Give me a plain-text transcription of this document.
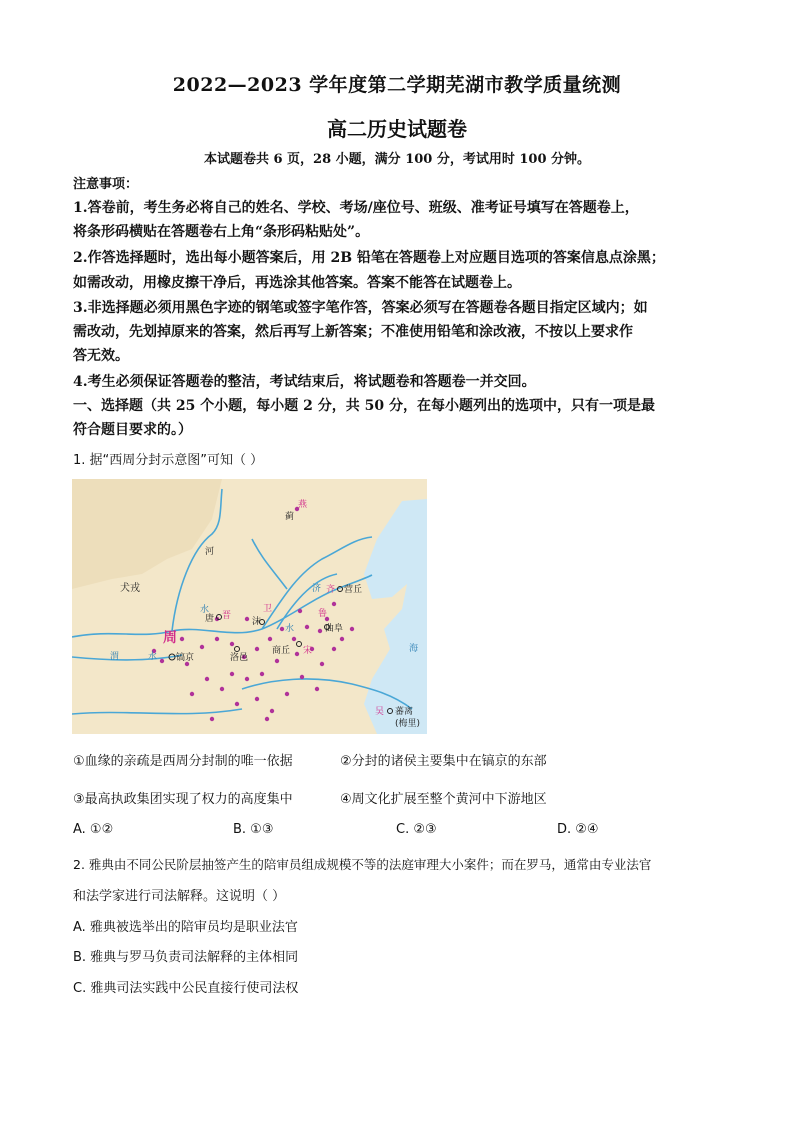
2022—2023 学年度第二学期芜湖市教学质量统测
高二历史试题卷
本试题卷共 6 页，28 小题，满分 100 分，考试用时 100 分钟。
注意事项：
1.答卷前，考生务必将自己的姓名、学校、考场/座位号、班级、准考证号填写在答题卷上，
将条形码横贴在答题卷右上角“条形码粘贴处”。
2.作答选择题时，选出每小题答案后，用 2B 铅笔在答题卷上对应题目选项的答案信息点涂黑；
如需改动，用橡皮擦干净后，再选涂其他答案。答案不能答在试题卷上。
3.非选择题必须用黑色字迹的钢笔或签字笔作答，答案必须写在答题卷各题目指定区域内；如
需改动，先划掉原来的答案，然后再写上新答案；不准使用铅笔和涂改液，不按以上要求作
答无效。
4.考生必须保证答题卷的整洁，考试结束后，将试题卷和答题卷一并交回。
一、选择题（共 25 个小题，每小题 2 分，共 50 分，在每小题列出的选项中，只有一项是最
符合题目要求的。）
1. 据“西周分封示意图”可知（ ）
燕
蓟
犬戎
河
济 齐 营丘
卫
沫
水
晋
唐
水
鲁
曲阜
周
镐京
渭	水	洛邑
商丘 宋	海
吴 蕃离
(梅里)
①血缘的亲疏是西周分封制的唯一依据	②分封的诸侯主要集中在镐京的东部
③最高执政集团实现了权力的高度集中	④周文化扩展至整个黄河中下游地区
A. ①②	B. ①③	C. ②③	D. ②④
2. 雅典由不同公民阶层抽签产生的陪审员组成规模不等的法庭审理大小案件；而在罗马，通常由专业法官
和法学家进行司法解释。这说明（ ）
A. 雅典被选举出的陪审员均是职业法官
B. 雅典与罗马负责司法解释的主体相同
C. 雅典司法实践中公民直接行使司法权
